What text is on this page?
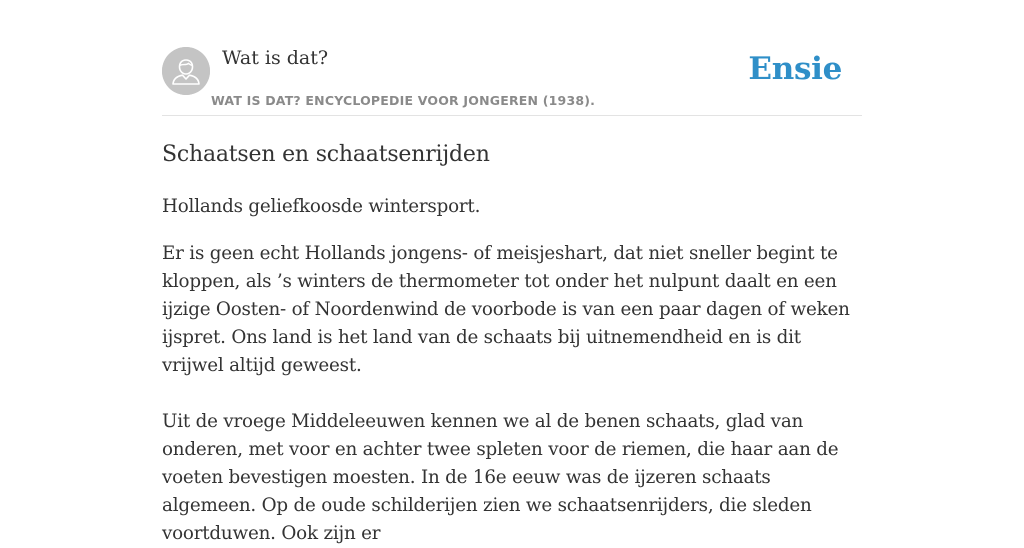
Wat is dat?
WAT IS DAT? ENCYCLOPEDIE VOOR JONGEREN (1938).
Ensie
Schaatsen en schaatsenrijden

Hollands geliefkoosde wintersport.

Er is geen echt Hollands jongens- of meisjeshart, dat niet sneller begint te kloppen, als ’s winters de thermometer tot onder het nulpunt daalt en een ijzige Oosten- of Noordenwind de voorbode is van een paar dagen of weken ijspret. Ons land is het land van de schaats bij uitnemendheid en is dit vrijwel altijd geweest.

Uit de vroege Middeleeuwen kennen we al de benen schaats, glad van onderen, met voor en achter twee spleten voor de riemen, die haar aan de voeten bevestigen moesten. In de 16e eeuw was de ijzeren schaats algemeen. Op de oude schilderijen zien we schaatsenrijders, die sleden voortduwen. Ook zijn er
